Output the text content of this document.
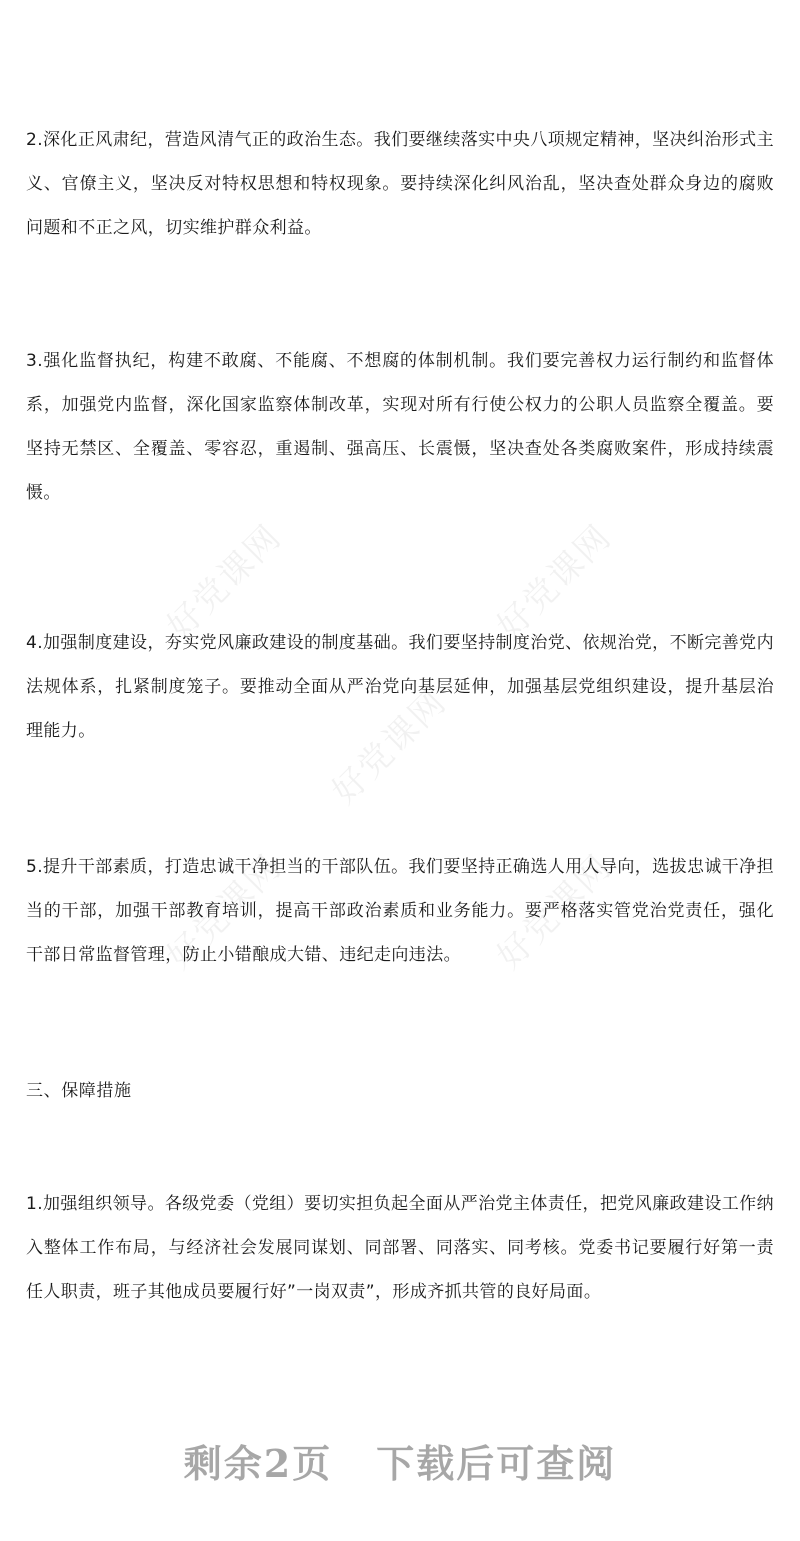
2.深化正风肃纪，营造风清气正的政治生态。我们要继续落实中央八项规定精神，坚决纠治形式主义、官僚主义，坚决反对特权思想和特权现象。要持续深化纠风治乱，坚决查处群众身边的腐败问题和不正之风，切实维护群众利益。

3.强化监督执纪，构建不敢腐、不能腐、不想腐的体制机制。我们要完善权力运行制约和监督体系，加强党内监督，深化国家监察体制改革，实现对所有行使公权力的公职人员监察全覆盖。要坚持无禁区、全覆盖、零容忍，重遏制、强高压、长震慑，坚决查处各类腐败案件，形成持续震慑。

4.加强制度建设，夯实党风廉政建设的制度基础。我们要坚持制度治党、依规治党，不断完善党内法规体系，扎紧制度笼子。要推动全面从严治党向基层延伸，加强基层党组织建设，提升基层治理能力。

5.提升干部素质，打造忠诚干净担当的干部队伍。我们要坚持正确选人用人导向，选拔忠诚干净担当的干部，加强干部教育培训，提高干部政治素质和业务能力。要严格落实管党治党责任，强化干部日常监督管理，防止小错酿成大错、违纪走向违法。

三、保障措施

1.加强组织领导。各级党委（党组）要切实担负起全面从严治党主体责任，把党风廉政建设工作纳入整体工作布局，与经济社会发展同谋划、同部署、同落实、同考核。党委书记要履行好第一责任人职责，班子其他成员要履行好”一岗双责”，形成齐抓共管的良好局面。

好党课网	好党课网
好党课网
好党课网	好党课网
剩余2页 下载后可查阅
